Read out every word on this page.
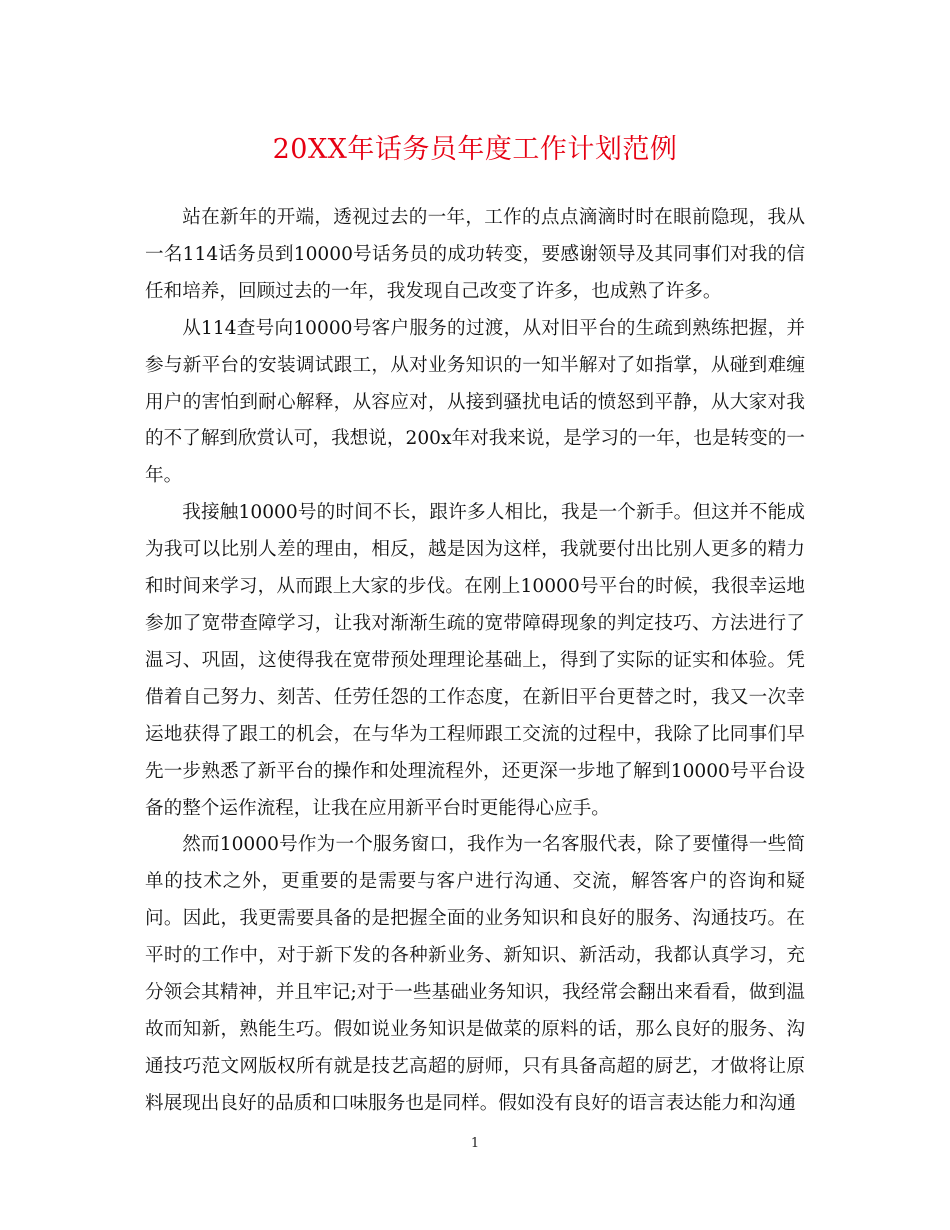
20XX年话务员年度工作计划范例

站在新年的开端，透视过去的一年，工作的点点滴滴时时在眼前隐现，我从一名114话务员到10000号话务员的成功转变，要感谢领导及其同事们对我的信任和培养，回顾过去的一年，我发现自己改变了许多，也成熟了许多。

从114查号向10000号客户服务的过渡，从对旧平台的生疏到熟练把握，并参与新平台的安装调试跟工，从对业务知识的一知半解对了如指掌，从碰到难缠用户的害怕到耐心解释，从容应对，从接到骚扰电话的愤怒到平静，从大家对我的不了解到欣赏认可，我想说，200x年对我来说，是学习的一年，也是转变的一年。

我接触10000号的时间不长，跟许多人相比，我是一个新手。但这并不能成为我可以比别人差的理由，相反，越是因为这样，我就要付出比别人更多的精力和时间来学习，从而跟上大家的步伐。在刚上10000号平台的时候，我很幸运地参加了宽带查障学习，让我对渐渐生疏的宽带障碍现象的判定技巧、方法进行了温习、巩固，这使得我在宽带预处理理论基础上，得到了实际的证实和体验。凭借着自己努力、刻苦、任劳任怨的工作态度，在新旧平台更替之时，我又一次幸运地获得了跟工的机会，在与华为工程师跟工交流的过程中，我除了比同事们早先一步熟悉了新平台的操作和处理流程外，还更深一步地了解到10000号平台设备的整个运作流程，让我在应用新平台时更能得心应手。

然而10000号作为一个服务窗口，我作为一名客服代表，除了要懂得一些简单的技术之外，更重要的是需要与客户进行沟通、交流，解答客户的咨询和疑问。因此，我更需要具备的是把握全面的业务知识和良好的服务、沟通技巧。在平时的工作中，对于新下发的各种新业务、新知识、新活动，我都认真学习，充分领会其精神，并且牢记;对于一些基础业务知识，我经常会翻出来看看，做到温故而知新，熟能生巧。假如说业务知识是做菜的原料的话，那么良好的服务、沟通技巧范文网版权所有就是技艺高超的厨师，只有具备高超的厨艺，才做将让原料展现出良好的品质和口味服务也是同样。假如没有良好的语言表达能力和沟通

1
